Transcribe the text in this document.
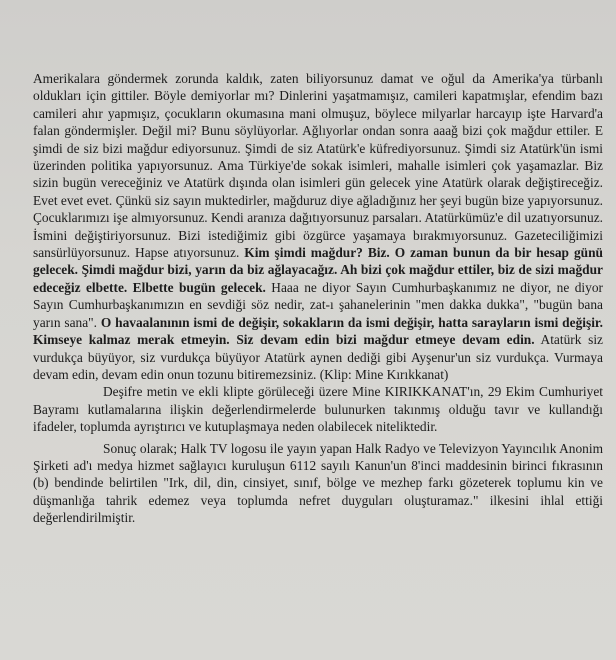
Amerikalara göndermek zorunda kaldık, zaten biliyorsunuz damat ve oğul da Amerika'ya türbanlı oldukları için gittiler. Böyle demiyorlar mı? Dinlerini yaşatmamışız, camileri kapatmışlar, efendim bazı camileri ahır yapmışız, çocukların okumasına mani olmuşuz, böylece milyarlar harcayıp işte Harvard'a falan göndermişler. Değil mi? Bunu söylüyorlar. Ağlıyorlar ondan sonra aaağ bizi çok mağdur ettiler. E şimdi de siz bizi mağdur ediyorsunuz. Şimdi de siz Atatürk'e küfrediyorsunuz. Şimdi siz Atatürk'ün ismi üzerinden politika yapıyorsunuz. Ama Türkiye'de sokak isimleri, mahalle isimleri çok yaşamazlar. Biz sizin bugün vereceğiniz ve Atatürk dışında olan isimleri gün gelecek yine Atatürk olarak değiştireceğiz. Evet evet evet. Çünkü siz sayın muktedirler, mağduruz diye ağladığınız her şeyi bugün bize yapıyorsunuz. Çocuklarımızı işe almıyorsunuz. Kendi aranıza dağıtıyorsunuz parsaları. Atatürkümüz'e dil uzatıyorsunuz. İsmini değiştiriyorsunuz. Bizi istediğimiz gibi özgürce yaşamaya bırakmıyorsunuz. Gazeteciliğimizi sansürlüyorsunuz. Hapse atıyorsunuz. Kim şimdi mağdur? Biz. O zaman bunun da bir hesap günü gelecek. Şimdi mağdur bizi, yarın da biz ağlayacağız. Ah bizi çok mağdur ettiler, biz de sizi mağdur edeceğiz elbette. Elbette bugün gelecek. Haaa ne diyor Sayın Cumhurbaşkanımız ne diyor, ne diyor Sayın Cumhurbaşkanımızın en sevdiği söz nedir, zat-ı şahanelerinin "men dakka dukka", "bugün bana yarın sana". O havaalanının ismi de değişir, sokakların da ismi değişir, hatta sarayların ismi değişir. Kimseye kalmaz merak etmeyin. Siz devam edin bizi mağdur etmeye devam edin. Atatürk siz vurdukça büyüyor, siz vurdukça büyüyor Atatürk aynen dediği gibi Ayşenur'un siz vurdukça. Vurmaya devam edin, devam edin onun tozunu bitiremezsiniz. (Klip: Mine Kırıkkanat)

Deşifre metin ve ekli klipte görüleceği üzere Mine KIRIKKANAT'ın, 29 Ekim Cumhuriyet Bayramı kutlamalarına ilişkin değerlendirmelerde bulunurken takınmış olduğu tavır ve kullandığı ifadeler, toplumda ayrıştırıcı ve kutuplaşmaya neden olabilecek niteliktedir.

Sonuç olarak; Halk TV logosu ile yayın yapan Halk Radyo ve Televizyon Yayıncılık Anonim Şirketi ad'ı medya hizmet sağlayıcı kuruluşun 6112 sayılı Kanun'un 8'inci maddesinin birinci fıkrasının (b) bendinde belirtilen "Irk, dil, din, cinsiyet, sınıf, bölge ve mezhep farkı gözeterek toplumu kin ve düşmanlığa tahrik edemez veya toplumda nefret duyguları oluşturamaz." ilkesini ihlal ettiği değerlendirilmiştir.
